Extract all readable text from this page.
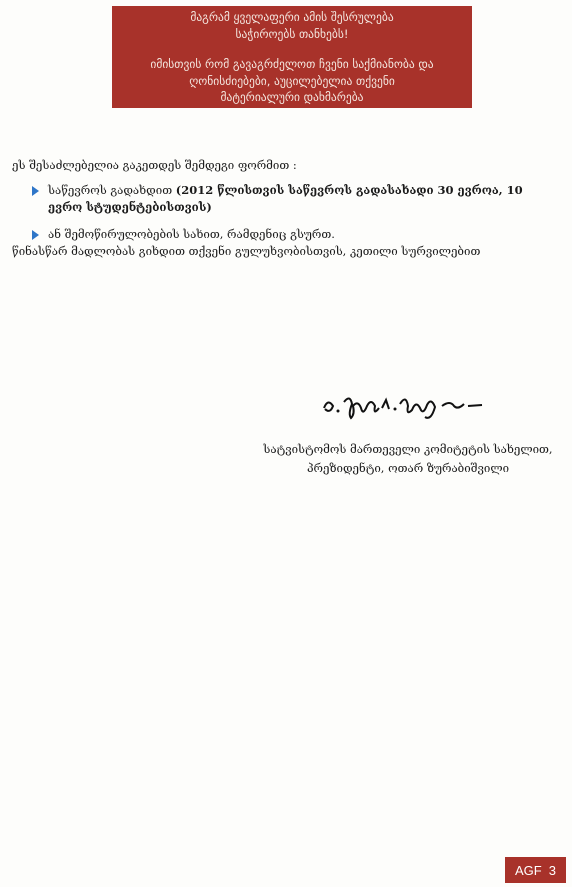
მაგრამ ყველაფერი ამის შესრულება
საჭიროებს თანხებს!
იმისთვის რომ გავაგრძელოთ ჩვენი საქმიანობა და
ღონისძიებები, აუცილებელია თქვენი
მატერიალური დახმარება
ეს შესაძლებელია გაკეთდეს შემდეგი ფორმით :
საწევროს გადახდით (2012 წლისთვის საწევროს გადასახადი 30 ევროა, 10 ევრო სტუდენტებისთვის)
ან შემოწირულობების სახით, რამდენიც გსურთ.
წინასწარ მადლობას გიხდით თქვენი გულუხვობისთვის, კეთილი სურვილებით
სატვისტომოს მართეველი კომიტეტის სახელით,
პრეზიდენტი, ოთარ ზურაბიშვილი
AGF 3
